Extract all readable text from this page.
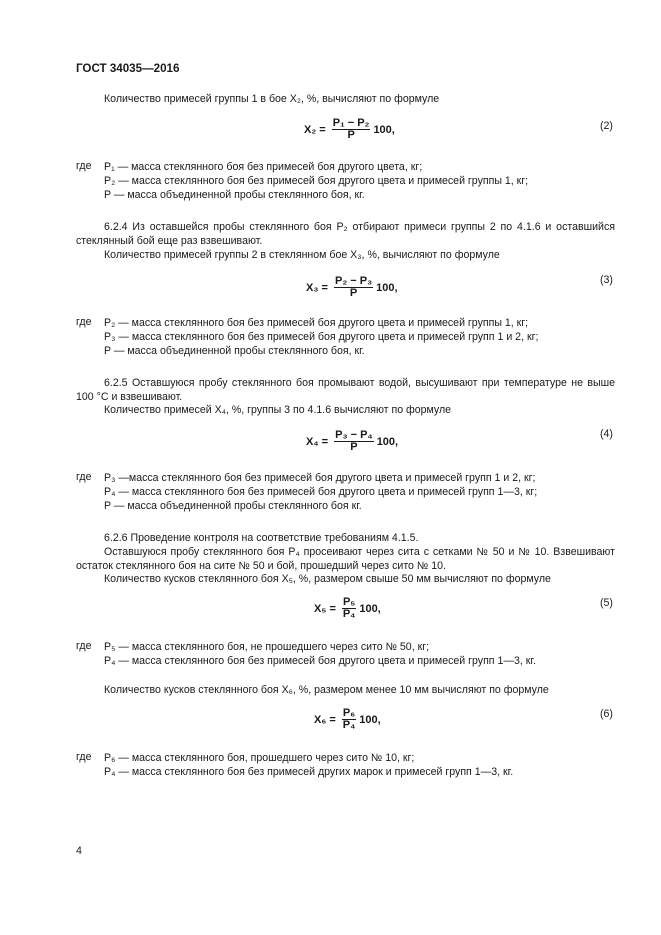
ГОСТ 34035—2016
Количество примесей группы 1 в бое X₂, %, вычисляют по формуле
$X_2 = \frac{\text{P₁ − P₂}}{P} 100$,	(2)
где P₁ — масса стеклянного боя без примесей боя другого цвета, кг;
P₂ — масса стеклянного боя без примесей боя другого цвета и примесей группы 1, кг;
P — масса объединенной пробы стеклянного боя, кг.
6.2.4 Из оставшейся пробы стеклянного боя P₂ отбирают примеси группы 2 по 4.1.6 и оставшийся стеклянный бой еще раз взвешивают.
Количество примесей группы 2 в стеклянном бое X₃, %, вычисляют по формуле
$X_3 = \frac{\text{P₂ − P₃}}{P} 100$,
(3)
где P₂ — масса стеклянного боя без примесей боя другого цвета и примесей группы 1, кг;
P₃ — масса стеклянного боя без примесей боя другого цвета и примесей групп 1 и 2, кг;
P — масса объединенной пробы стеклянного боя, кг.
6.2.5 Оставшуюся пробу стеклянного боя промывают водой, высушивают при температуре не выше 100 °С и взвешивают.
Количество примесей X₄, %, группы 3 по 4.1.6 вычисляют по формуле
$X_4 = \frac{\text{P₃ − P₄}}{P} 100$,
(4)
где P₃ —масса стеклянного боя без примесей боя другого цвета и примесей групп 1 и 2, кг;
P₄ — масса стеклянного боя без примесей боя другого цвета и примесей групп 1—3, кг;
P — масса объединенной пробы стеклянного боя кг.
6.2.6 Проведение контроля на соответствие требованиям 4.1.5.
Оставшуюся пробу стеклянного боя P₄ просеивают через сита с сетками № 50 и № 10. Взвешивают остаток стеклянного боя на сите № 50 и бой, прошедший через сито № 10.
Количество кусков стеклянного боя X₅, %, размером свыше 50 мм вычисляют по формуле
$X_5 = \frac{\text{P₅}}{\text{P₄}} 100$,	(5)
где P₅ — масса стеклянного боя, не прошедшего через сито № 50, кг;
P₄ — масса стеклянного боя без примесей боя другого цвета и примесей групп 1—3, кг.
Количество кусков стеклянного боя X₆, %, размером менее 10 мм вычисляют по формуле
$X_6 = \frac{\text{P₆}}{\text{P₄}} 100$,	(6)
где P₆ — масса стеклянного боя, прошедшего через сито № 10, кг;
P₄ — масса стеклянного боя без примесей других марок и примесей групп 1—3, кг.
4
